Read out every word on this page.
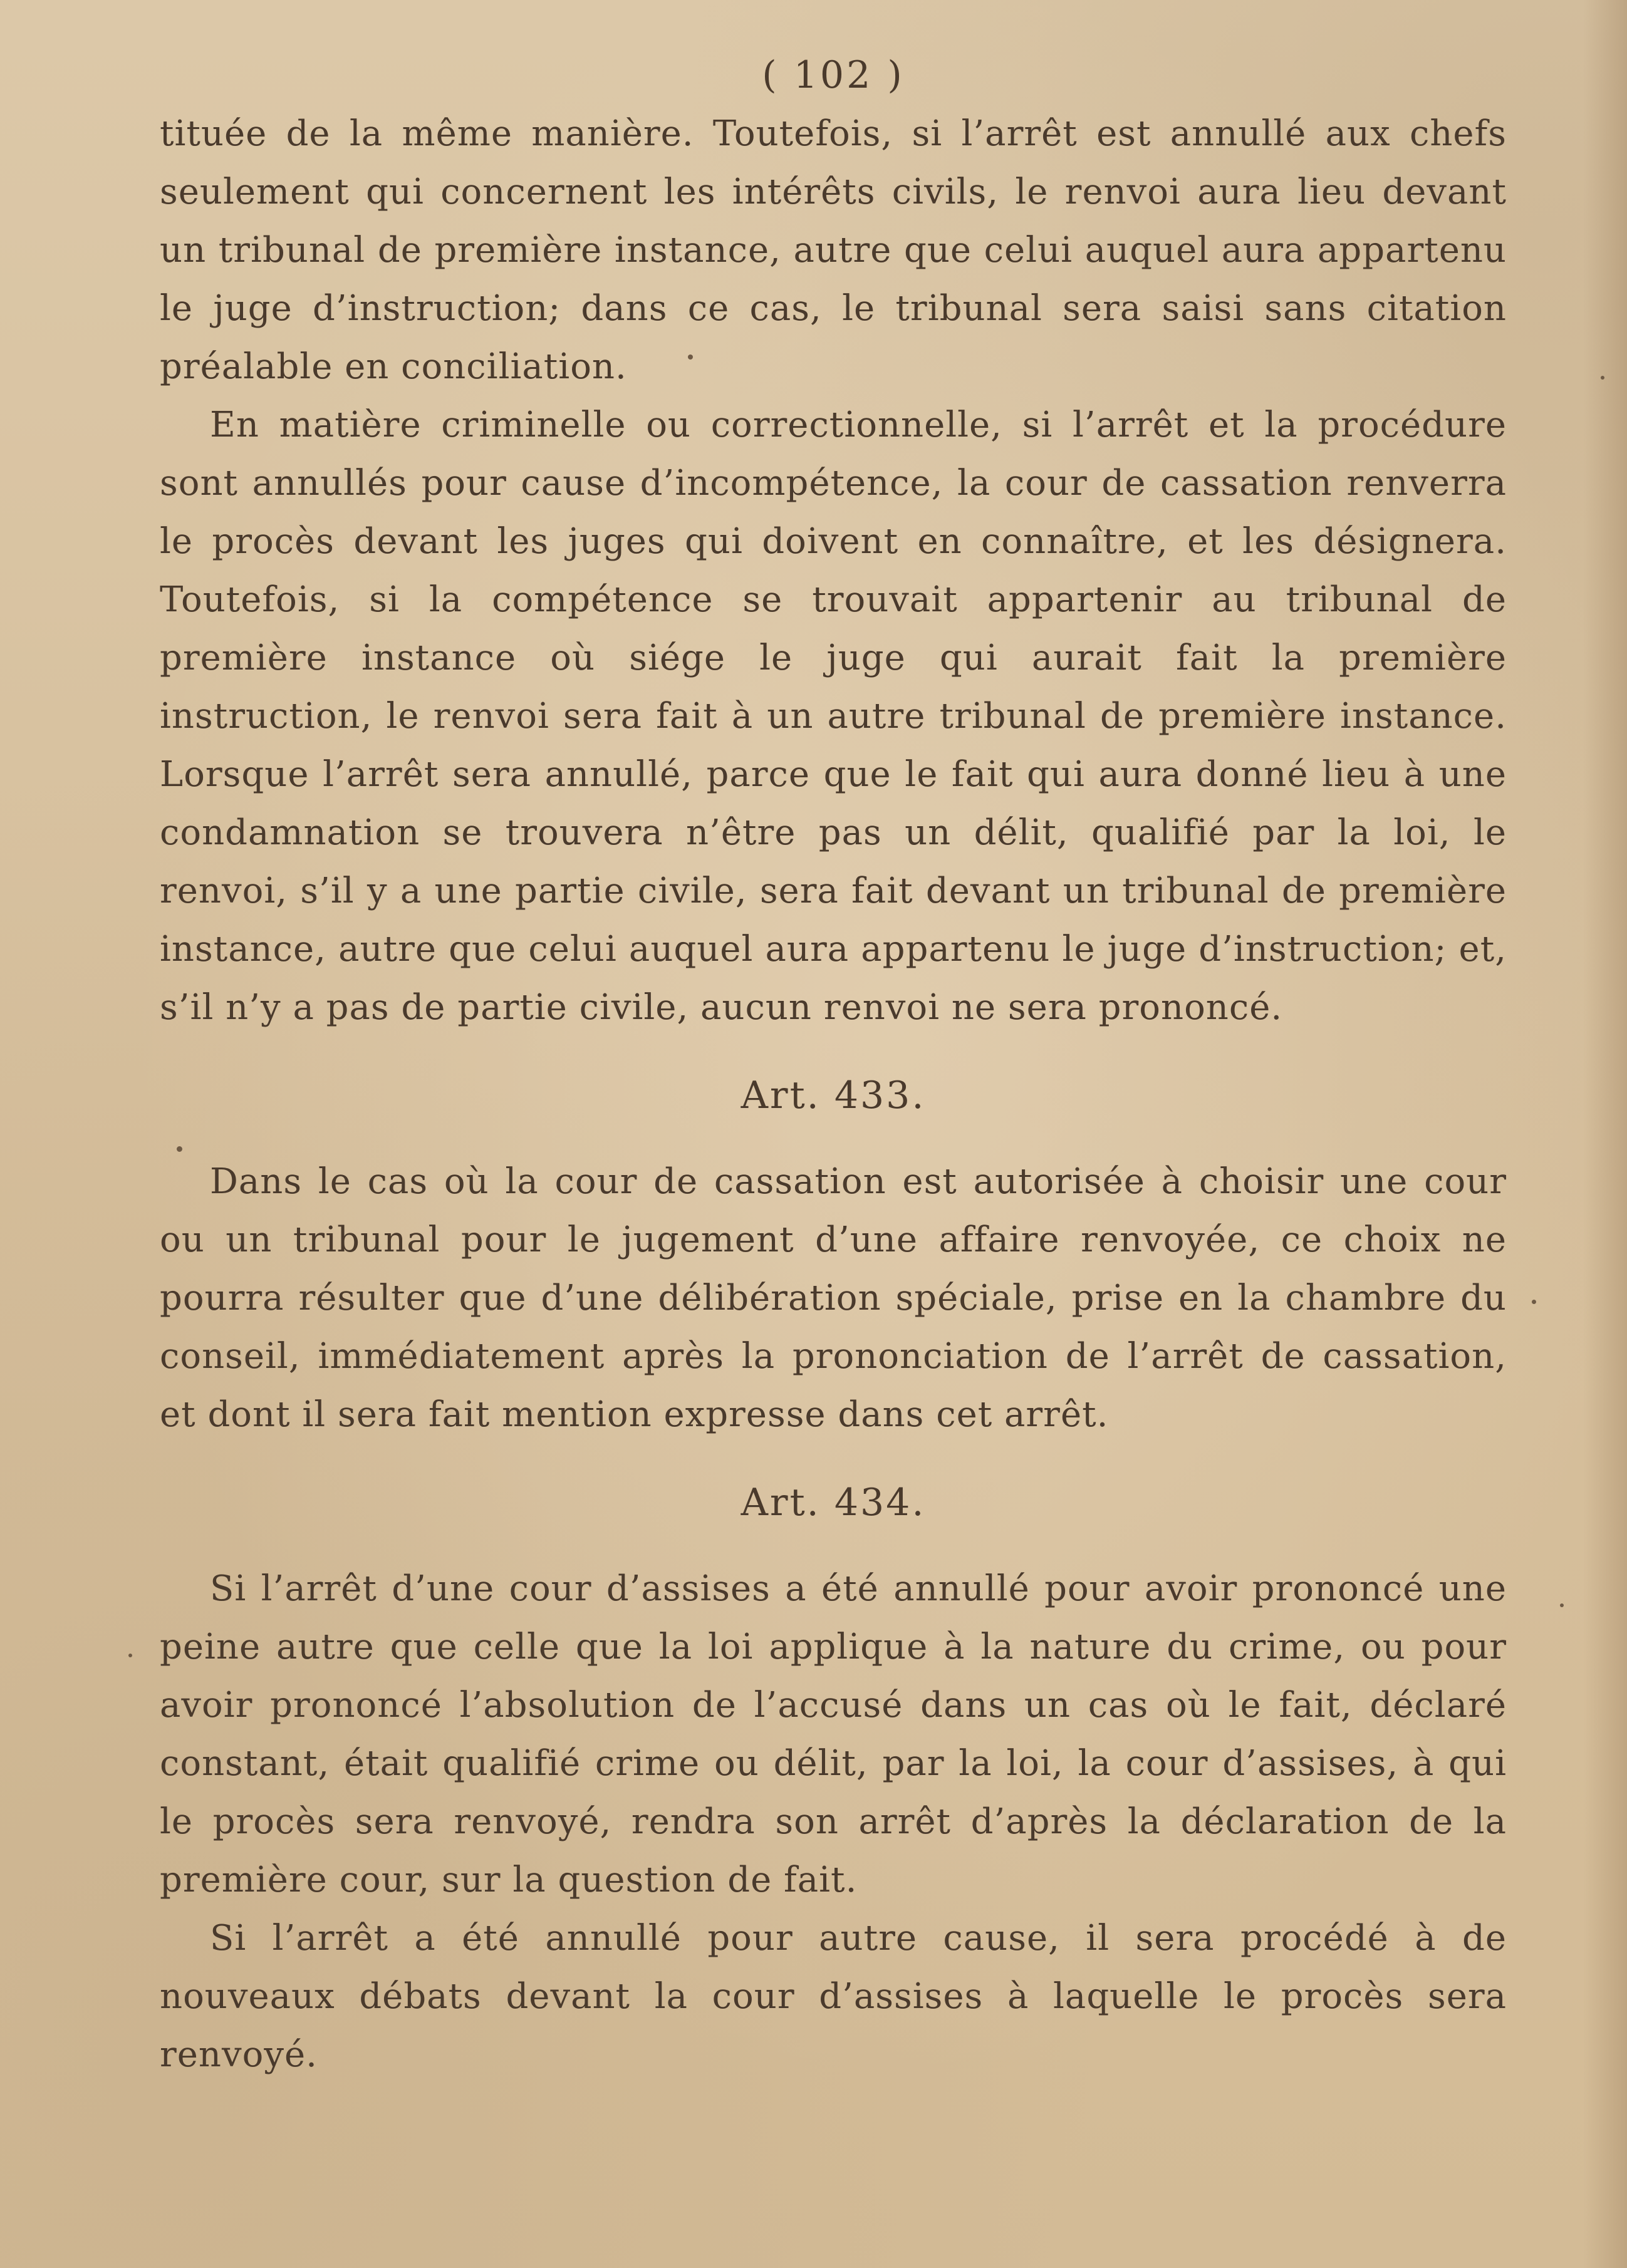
( 102 )

tituée de la même manière. Toutefois, si l’arrêt est annullé aux chefs seulement qui concernent les intérêts civils, le renvoi aura lieu devant un tribunal de première instance, autre que celui auquel aura appartenu le juge d’instruction; dans ce cas, le tribunal sera saisi sans citation préalable en conciliation.

En matière criminelle ou correctionnelle, si l’arrêt et la procédure sont annullés pour cause d’incompétence, la cour de cassation renverra le procès devant les juges qui doivent en connaître, et les désignera. Toutefois, si la compétence se trouvait appartenir au tribunal de première instance où siége le juge qui aurait fait la première instruction, le renvoi sera fait à un autre tribunal de première instance. Lorsque l’arrêt sera annullé, parce que le fait qui aura donné lieu à une condamnation se trouvera n’être pas un délit, qualifié par la loi, le renvoi, s’il y a une partie civile, sera fait devant un tribunal de première instance, autre que celui auquel aura appartenu le juge d’instruction; et, s’il n’y a pas de partie civile, aucun renvoi ne sera prononcé.

Art. 433.

Dans le cas où la cour de cassation est autorisée à choisir une cour ou un tribunal pour le jugement d’une affaire renvoyée, ce choix ne pourra résulter que d’une délibération spéciale, prise en la chambre du conseil, immédiatement après la prononciation de l’arrêt de cassation, et dont il sera fait mention expresse dans cet arrêt.

Art. 434.

Si l’arrêt d’une cour d’assises a été annullé pour avoir prononcé une peine autre que celle que la loi applique à la nature du crime, ou pour avoir prononcé l’absolution de l’accusé dans un cas où le fait, déclaré constant, était qualifié crime ou délit, par la loi, la cour d’assises, à qui le procès sera renvoyé, rendra son arrêt d’après la déclaration de la première cour, sur la question de fait.

Si l’arrêt a été annullé pour autre cause, il sera procédé à de nouveaux débats devant la cour d’assises à laquelle le procès sera renvoyé.
